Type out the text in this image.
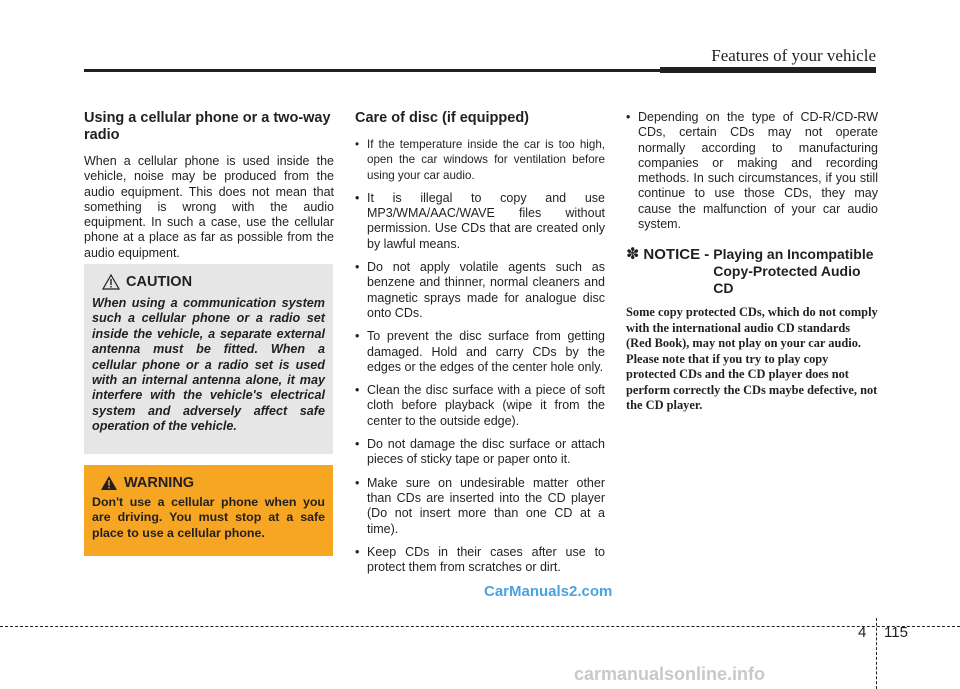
Features of your vehicle
Using a cellular phone or a two-way radio
When a cellular phone is used inside the vehicle, noise may be produced from the audio equipment. This does not mean that something is wrong with the audio equipment. In such a case, use the cellular phone at a place as far as possible from the audio equipment.
CAUTION
When using a communication system such a cellular phone or a radio set inside the vehicle, a separate external antenna must be fitted. When a cellular phone or a radio set is used with an internal antenna alone, it may interfere with the vehicle's electrical system and adversely affect safe operation of the vehicle.
WARNING
Don't use a cellular phone when you are driving. You must stop at a safe place to use a cellular phone.
Care of disc (if equipped)
• If the temperature inside the car is too high, open the car windows for ventilation before using your car audio.
• It is illegal to copy and use MP3/WMA/AAC/WAVE files without permission. Use CDs that are created only by lawful means.
• Do not apply volatile agents such as benzene and thinner, normal cleaners and magnetic sprays made for analogue disc onto CDs.
• To prevent the disc surface from getting damaged. Hold and carry CDs by the edges or the edges of the center hole only.
• Clean the disc surface with a piece of soft cloth before playback (wipe it from the center to the outside edge).
• Do not damage the disc surface or attach pieces of sticky tape or paper onto it.
• Make sure on undesirable matter other than CDs are inserted into the CD player (Do not insert more than one CD at a time).
• Keep CDs in their cases after use to protect them from scratches or dirt.
• Depending on the type of CD-R/CD-RW CDs, certain CDs may not operate normally according to manufacturing companies or making and recording methods. In such circumstances, if you still continue to use those CDs, they may cause the malfunction of your car audio system.
✽ NOTICE - Playing an Incompatible Copy-Protected Audio CD
Some copy protected CDs, which do not comply with the international audio CD standards (Red Book), may not play on your car audio. Please note that if you try to play copy protected CDs and the CD player does not perform correctly the CDs maybe defective, not the CD player.
CarManuals2.com
4 115
carmanualsonline.info
